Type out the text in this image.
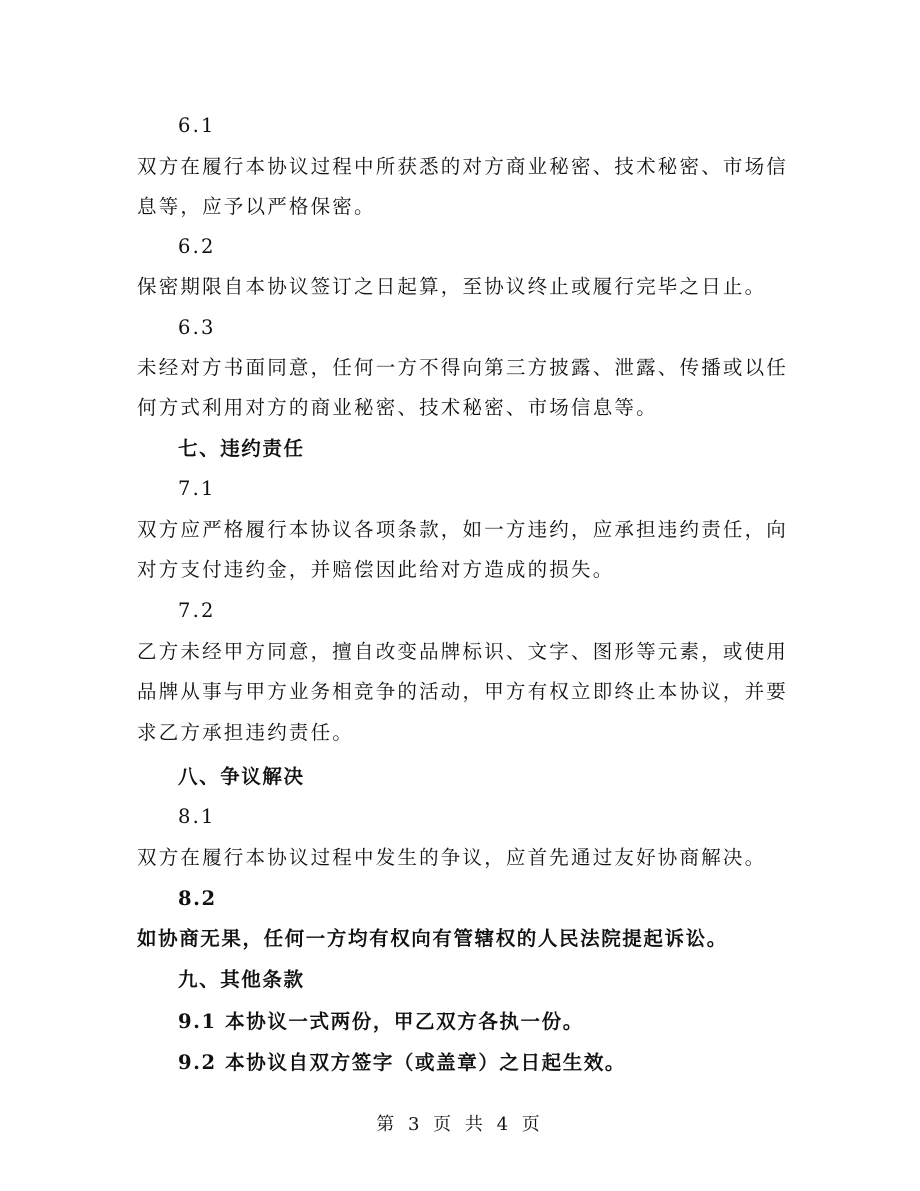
6.1
双方在履行本协议过程中所获悉的对方商业秘密、技术秘密、市场信
息等，应予以严格保密。
6.2
保密期限自本协议签订之日起算，至协议终止或履行完毕之日止。
6.3
未经对方书面同意，任何一方不得向第三方披露、泄露、传播或以任
何方式利用对方的商业秘密、技术秘密、市场信息等。
七、违约责任
7.1
双方应严格履行本协议各项条款，如一方违约，应承担违约责任，向
对方支付违约金，并赔偿因此给对方造成的损失。
7.2
乙方未经甲方同意，擅自改变品牌标识、文字、图形等元素，或使用
品牌从事与甲方业务相竞争的活动，甲方有权立即终止本协议，并要
求乙方承担违约责任。
八、争议解决
8.1
双方在履行本协议过程中发生的争议，应首先通过友好协商解决。
8.2
如协商无果，任何一方均有权向有管辖权的人民法院提起诉讼。
九、其他条款
9.1 本协议一式两份，甲乙双方各执一份。
9.2 本协议自双方签字（或盖章）之日起生效。
第 3 页 共 4 页
